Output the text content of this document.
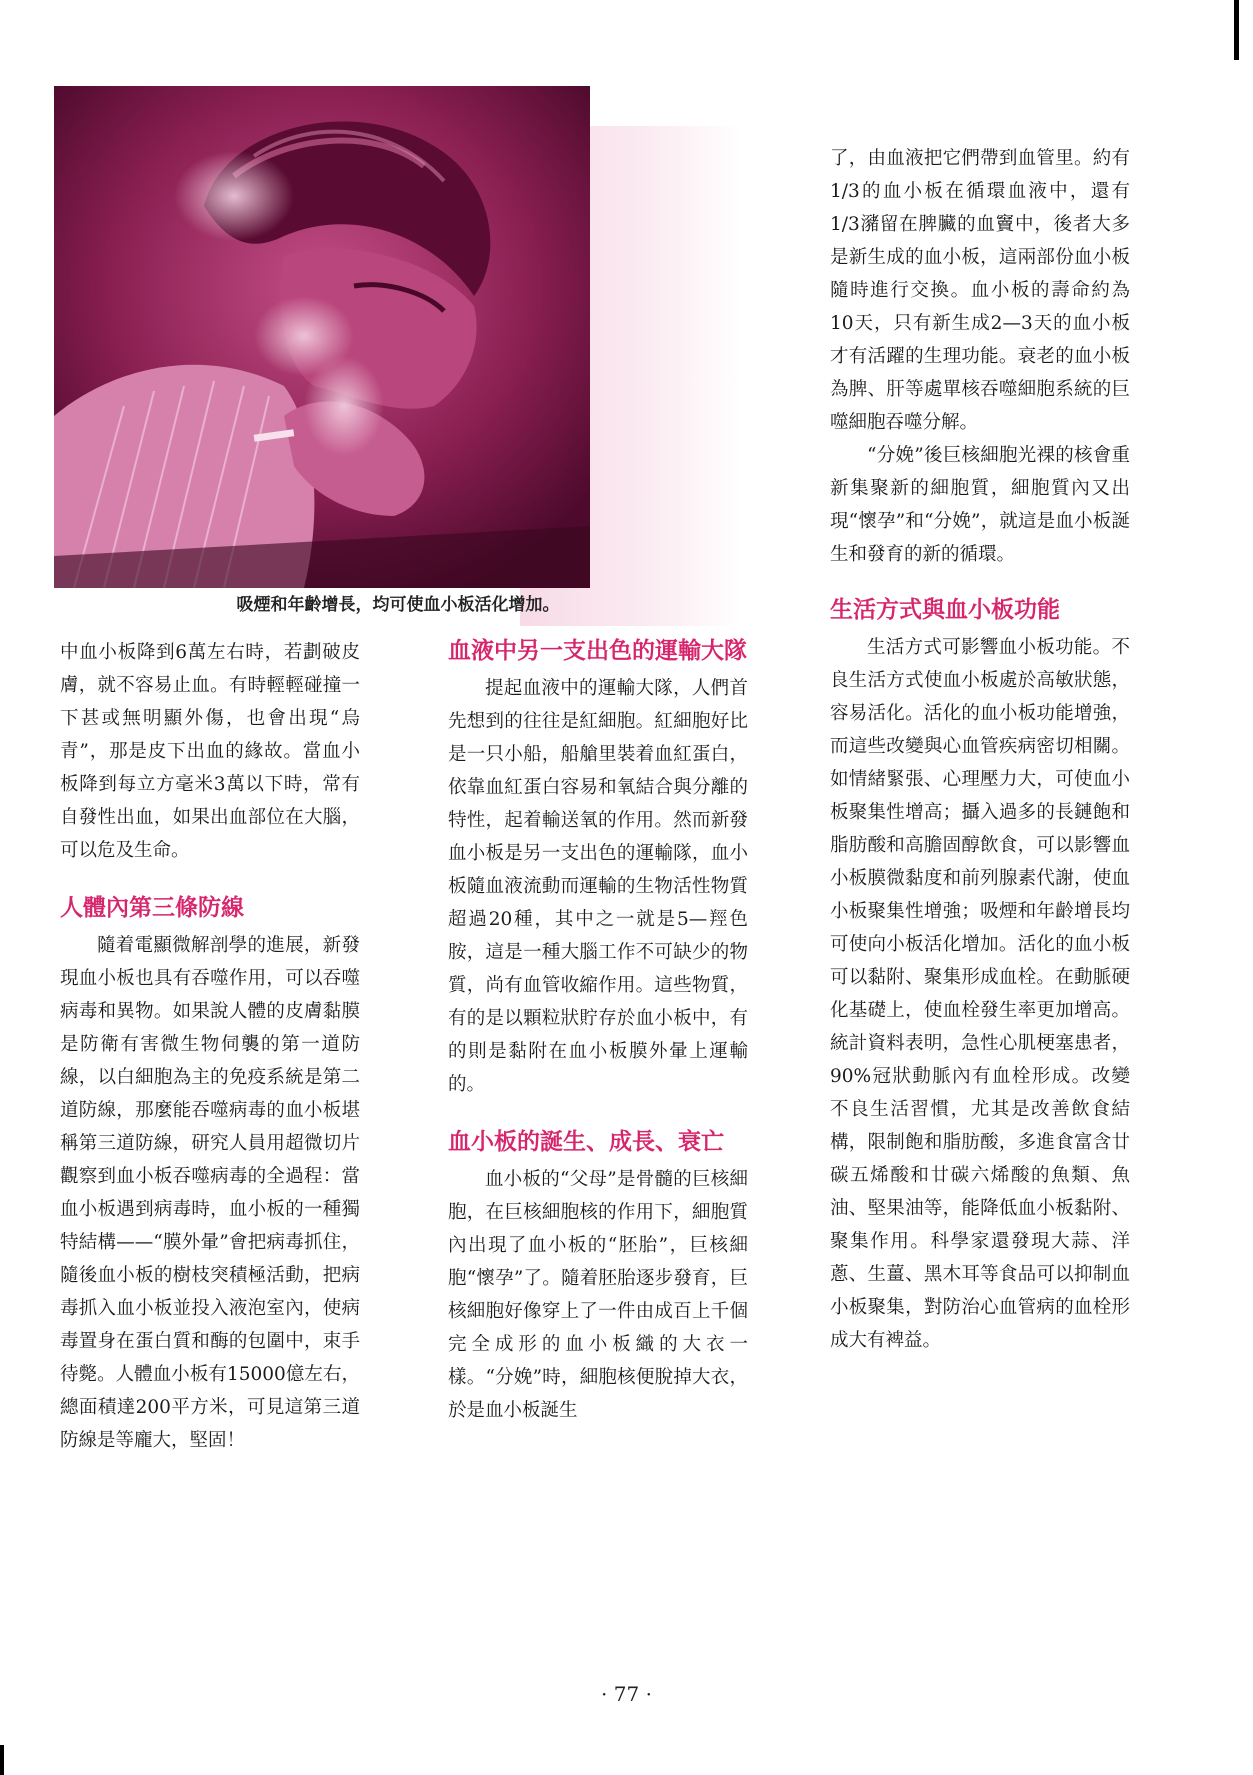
吸煙和年齡增長，均可使血小板活化增加。

中血小板降到6萬左右時，若劃破皮膚，就不容易止血。有時輕輕碰撞一下甚或無明顯外傷，也會出現“烏青”，那是皮下出血的緣故。當血小板降到每立方毫米3萬以下時，常有自發性出血，如果出血部位在大腦，可以危及生命。

人體內第三條防線

隨着電顯微解剖學的進展，新發現血小板也具有吞噬作用，可以吞噬病毒和異物。如果說人體的皮膚黏膜是防衛有害微生物伺襲的第一道防線，以白細胞為主的免疫系統是第二道防線，那麼能吞噬病毒的血小板堪稱第三道防線，研究人員用超微切片觀察到血小板吞噬病毒的全過程：當血小板遇到病毒時，血小板的一種獨特結構——“膜外暈”會把病毒抓住，隨後血小板的樹枝突積極活動，把病毒抓入血小板並投入液泡室內，使病毒置身在蛋白質和酶的包圍中，束手待斃。人體血小板有15000億左右，總面積達200平方米，可見這第三道防線是等龐大，堅固！

血液中另一支出色的運輸大隊

提起血液中的運輸大隊，人們首先想到的往往是紅細胞。紅細胞好比是一只小船，船艙里裝着血紅蛋白，依靠血紅蛋白容易和氧結合與分離的特性，起着輸送氧的作用。然而新發血小板是另一支出色的運輸隊，血小板隨血液流動而運輸的生物活性物質超過20種，其中之一就是5—羥色胺，這是一種大腦工作不可缺少的物質，尚有血管收縮作用。這些物質，有的是以顆粒狀貯存於血小板中，有的則是黏附在血小板膜外暈上運輸的。

血小板的誕生、成長、衰亡

血小板的“父母”是骨髓的巨核細胞，在巨核細胞核的作用下，細胞質內出現了血小板的“胚胎”，巨核細胞“懷孕”了。隨着胚胎逐步發育，巨核細胞好像穿上了一件由成百上千個完全成形的血小板織的大衣一樣。“分娩”時，細胞核便脫掉大衣，於是血小板誕生

了，由血液把它們帶到血管里。約有1/3的血小板在循環血液中，還有1/3瀦留在脾臟的血竇中，後者大多是新生成的血小板，這兩部份血小板隨時進行交換。血小板的壽命約為10天，只有新生成2—3天的血小板才有活躍的生理功能。衰老的血小板為脾、肝等處單核吞噬細胞系統的巨噬細胞吞噬分解。

“分娩”後巨核細胞光裸的核會重新集聚新的細胞質，細胞質內又出現“懷孕”和“分娩”，就這是血小板誕生和發育的新的循環。

生活方式與血小板功能

生活方式可影響血小板功能。不良生活方式使血小板處於高敏狀態，容易活化。活化的血小板功能增強，而這些改變與心血管疾病密切相關。如情緒緊張、心理壓力大，可使血小板聚集性增高；攝入過多的長鏈飽和脂肪酸和高膽固醇飲食，可以影響血小板膜微黏度和前列腺素代謝，使血小板聚集性增強；吸煙和年齡增長均可使向小板活化增加。活化的血小板可以黏附、聚集形成血栓。在動脈硬化基礎上，使血栓發生率更加增高。統計資料表明，急性心肌梗塞患者，90%冠狀動脈內有血栓形成。改變不良生活習慣，尤其是改善飲食結構，限制飽和脂肪酸，多進食富含廿碳五烯酸和廿碳六烯酸的魚類、魚油、堅果油等，能降低血小板黏附、聚集作用。科學家還發現大蒜、洋蔥、生薑、黑木耳等食品可以抑制血小板聚集，對防治心血管病的血栓形成大有裨益。

· 77 ·
